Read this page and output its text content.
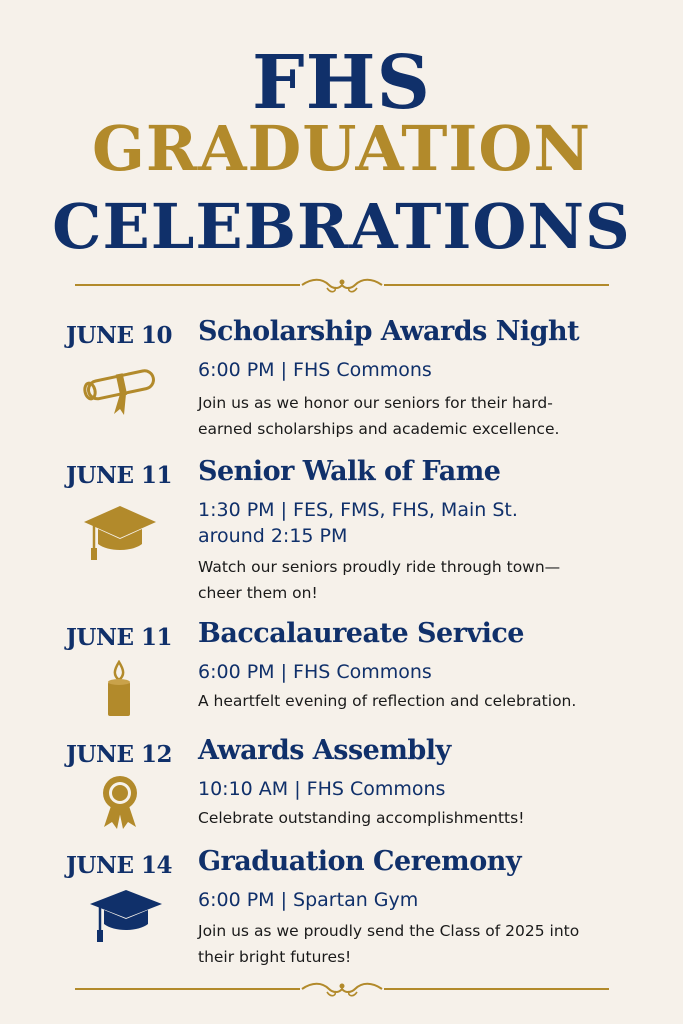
FHS
GRADUATION
CELEBRATIONS
JUNE 10 Scholarship Awards Night
6:00 PM | FHS Commons
Join us as we honor our seniors for their hard-earned scholarships and academic excellence.
JUNE 11 Senior Walk of Fame
1:30 PM | FES, FMS, FHS, Main St.
around 2:15 PM
Watch our seniors proudly ride through town—cheer them on!
JUNE 11 Baccalaureate Service
6:00 PM | FHS Commons
A heartfelt evening of reflection and celebration.
JUNE 12 Awards Assembly
10:10 AM | FHS Commons
Celebrate outstanding accomplishmentts!
JUNE 14 Graduation Ceremony
6:00 PM | Spartan Gym
Join us as we proudly send the Class of 2025 into their bright futures!
